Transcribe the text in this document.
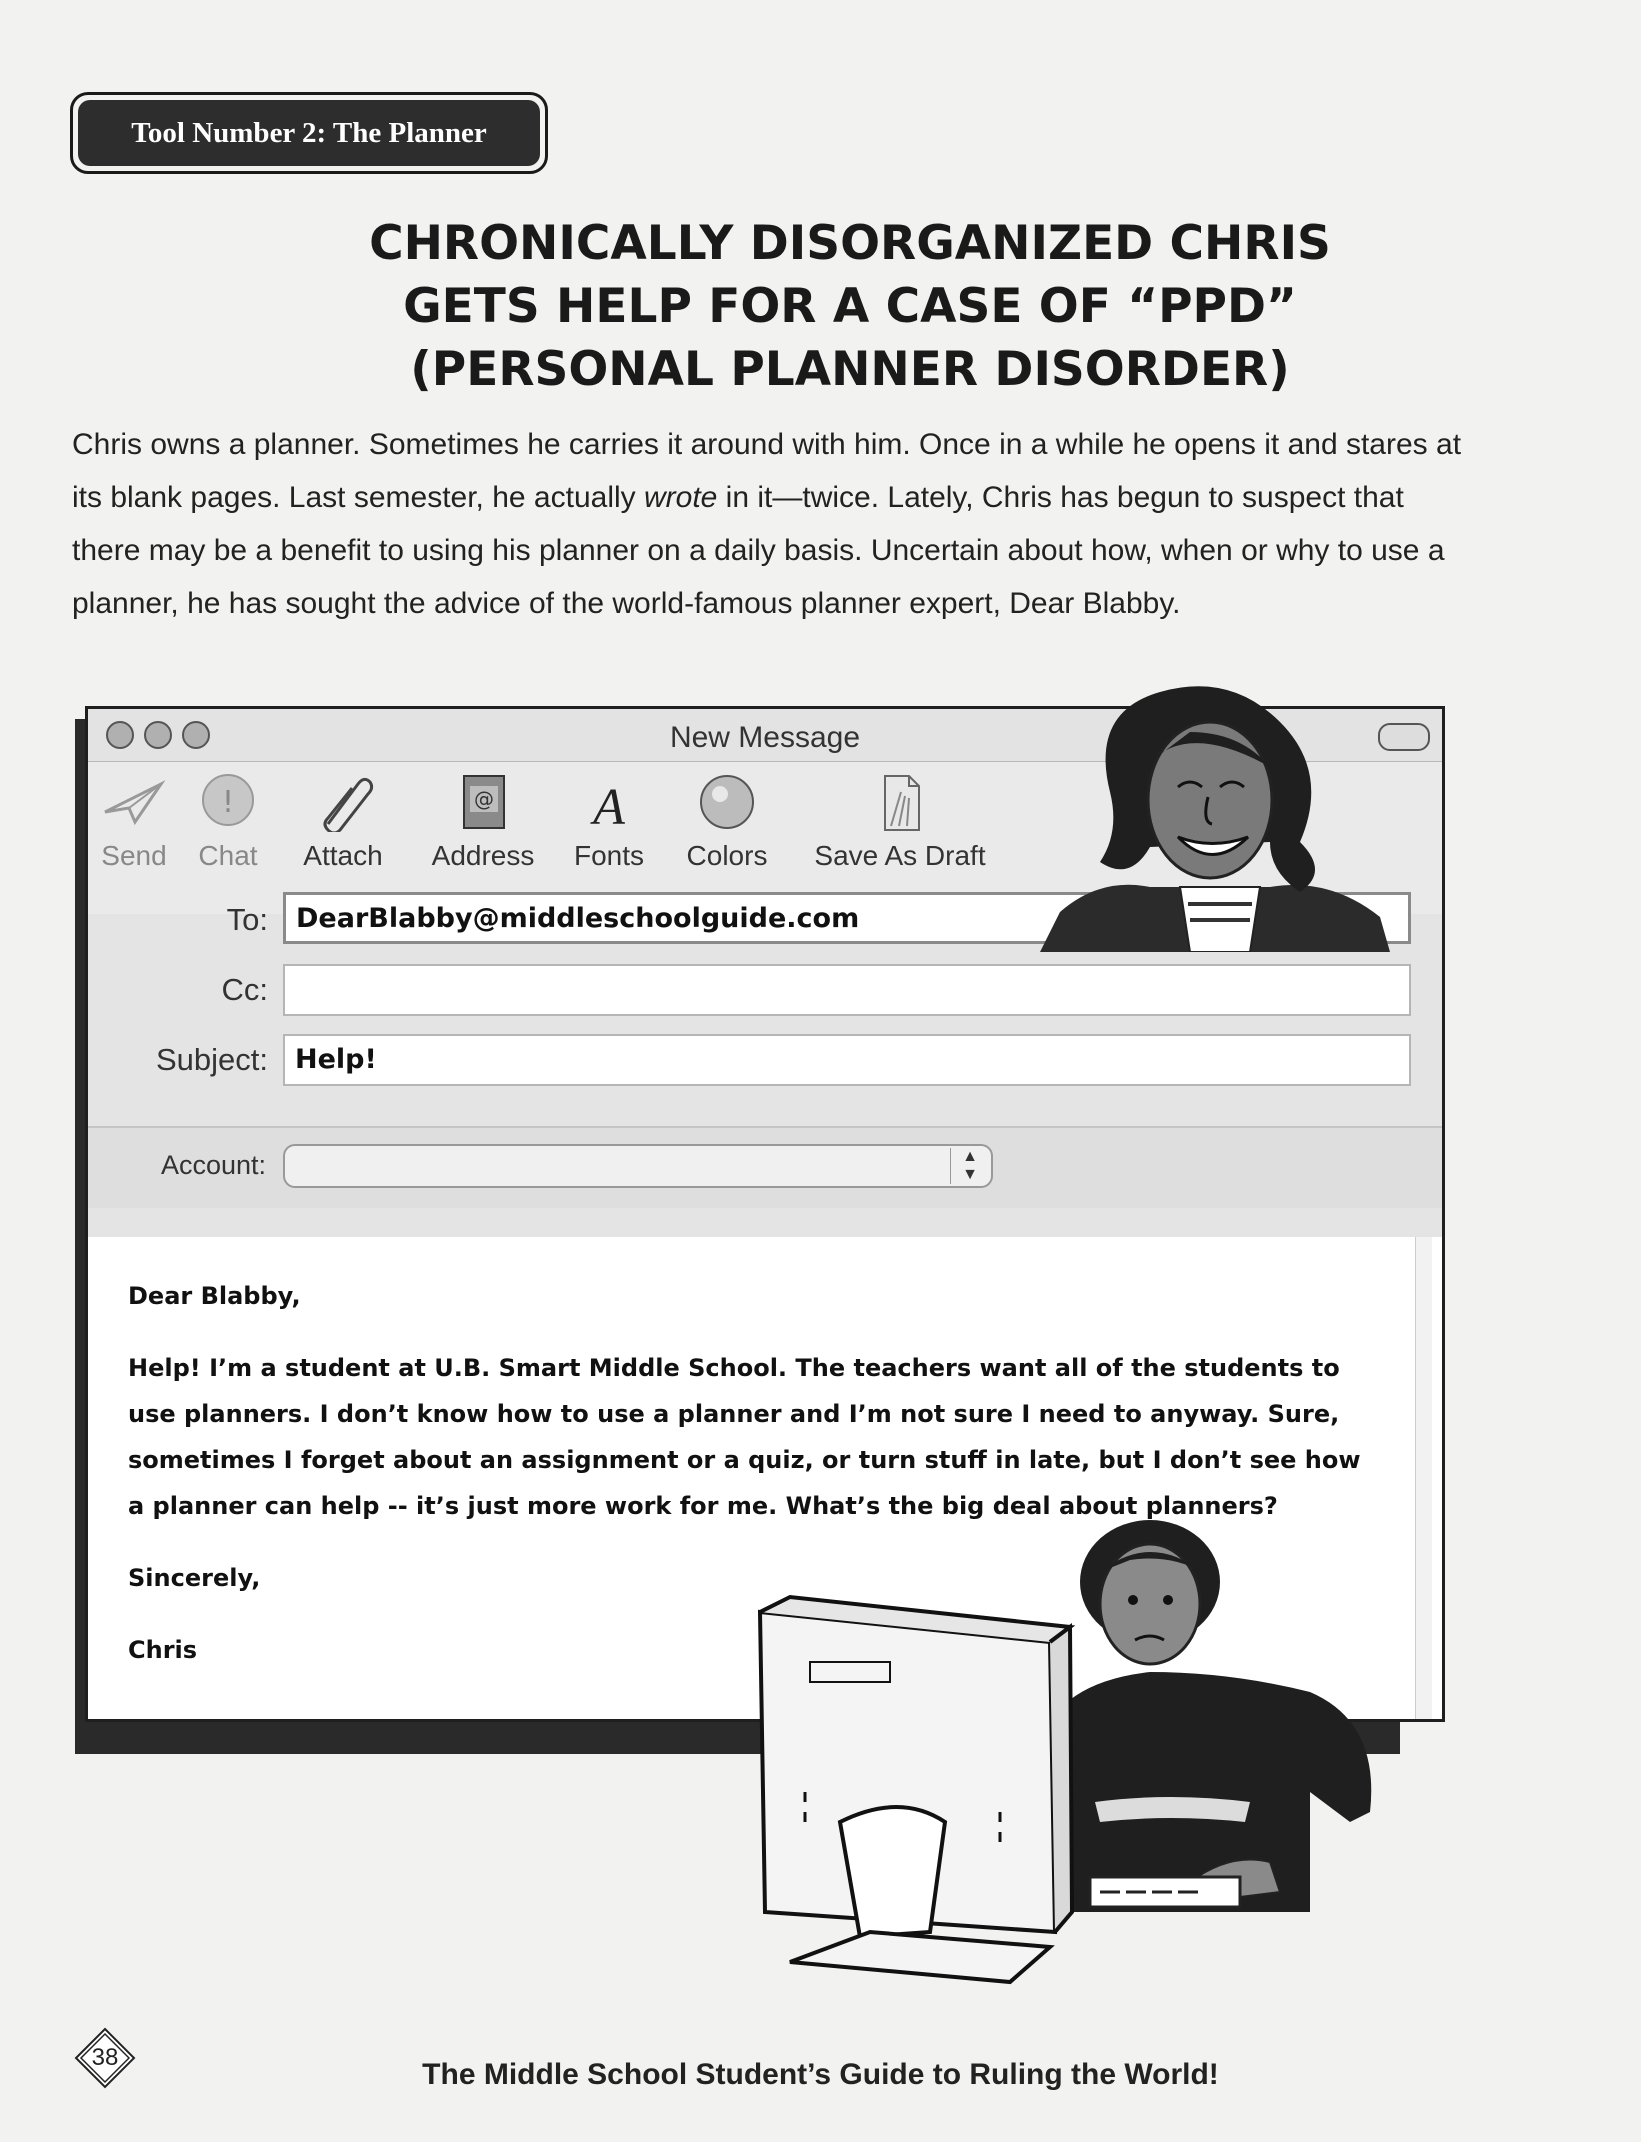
Tool Number 2: The Planner
CHRONICALLY DISORGANIZED CHRIS
GETS HELP FOR A CASE OF “PPD”
(PERSONAL PLANNER DISORDER)
Chris owns a planner. Sometimes he carries it around with him. Once in a while he opens it and stares at its blank pages. Last semester, he actually wrote in it—twice. Lately, Chris has begun to suspect that there may be a benefit to using his planner on a daily basis. Uncertain about how, when or why to use a planner, he has sought the advice of the world-famous planner expert, Dear Blabby.
New Message
Send
!
Chat	Attach
@
Address
A
Fonts	Colors	Save As Draft
To:	DearBlabby@middleschoolguide.com
Cc:
Subject:	Help!
Account:	▲
▼

Dear Blabby,

Help! I’m a student at U.B. Smart Middle School. The teachers want all of the students to use planners. I don’t know how to use a planner and I’m not sure I need to anyway. Sure, sometimes I forget about an assignment or a quiz, or turn stuff in late, but I don’t see how a planner can help -- it’s just more work for me. What’s the big deal about planners?

Sincerely,

Chris

38
The Middle School Student’s Guide to Ruling the World!
